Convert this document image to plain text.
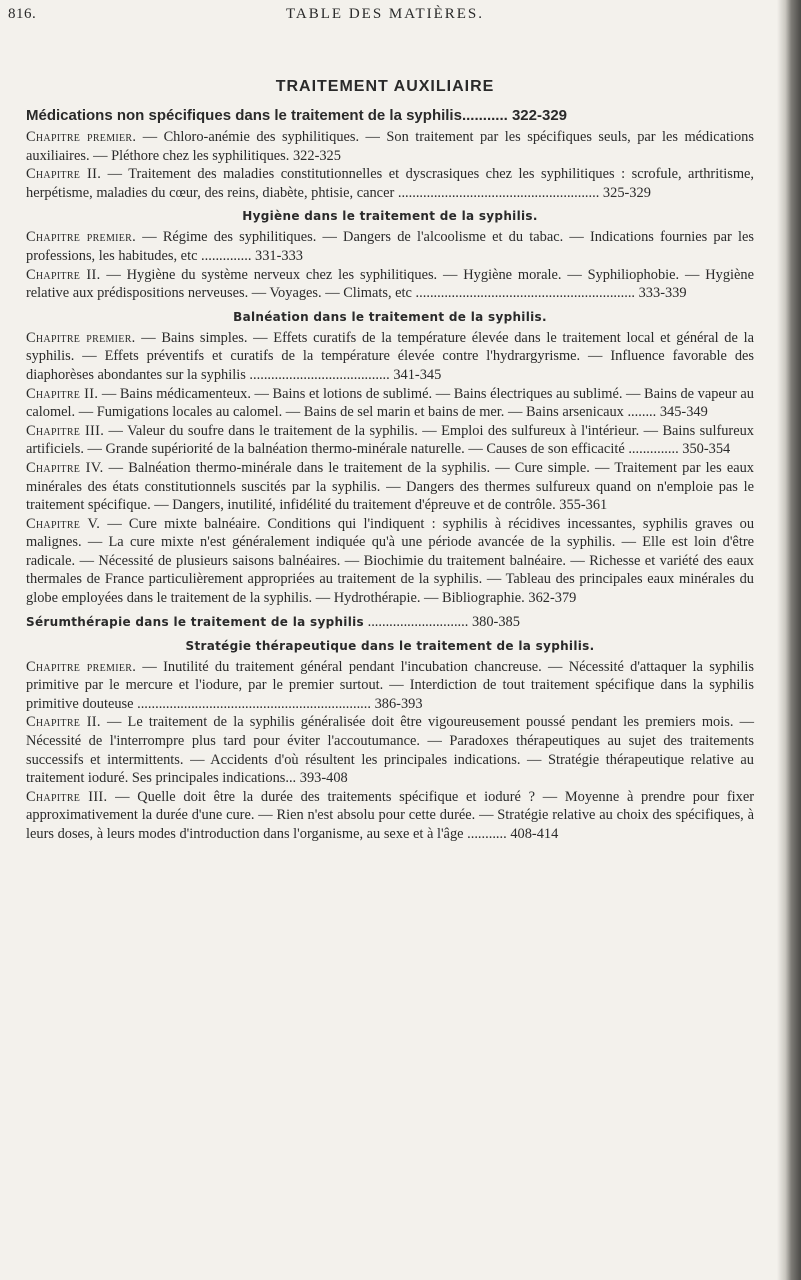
816.	TABLE DES MATIÈRES.
TRAITEMENT AUXILIAIRE

Médications non spécifiques dans le traitement de la syphilis........... 322-329

Chapitre premier. — Chloro-anémie des syphilitiques. — Son traitement par les spécifiques seuls, par les médications auxiliaires. — Pléthore chez les syphilitiques. 322-325

Chapitre II. — Traitement des maladies constitutionnelles et dyscrasiques chez les syphilitiques : scrofule, arthritisme, herpétisme, maladies du cœur, des reins, diabète, phtisie, cancer ........................................................ 325-329

Hygiène dans le traitement de la syphilis.

Chapitre premier. — Régime des syphilitiques. — Dangers de l'alcoolisme et du tabac. — Indications fournies par les professions, les habitudes, etc .............. 331-333

Chapitre II. — Hygiène du système nerveux chez les syphilitiques. — Hygiène morale. — Syphiliophobie. — Hygiène relative aux prédispositions nerveuses. — Voyages. — Climats, etc ............................................................. 333-339

Balnéation dans le traitement de la syphilis.

Chapitre premier. — Bains simples. — Effets curatifs de la température élevée dans le traitement local et général de la syphilis. — Effets préventifs et curatifs de la température élevée contre l'hydrargyrisme. — Influence favorable des diaphorèses abondantes sur la syphilis ....................................... 341-345

Chapitre II. — Bains médicamenteux. — Bains et lotions de sublimé. — Bains électriques au sublimé. — Bains de vapeur au calomel. — Fumigations locales au calomel. — Bains de sel marin et bains de mer. — Bains arsenicaux ........ 345-349

Chapitre III. — Valeur du soufre dans le traitement de la syphilis. — Emploi des sulfureux à l'intérieur. — Bains sulfureux artificiels. — Grande supériorité de la balnéation thermo-minérale naturelle. — Causes de son efficacité .............. 350-354

Chapitre IV. — Balnéation thermo-minérale dans le traitement de la syphilis. — Cure simple. — Traitement par les eaux minérales des états constitutionnels suscités par la syphilis. — Dangers des thermes sulfureux quand on n'emploie pas le traitement spécifique. — Dangers, inutilité, infidélité du traitement d'épreuve et de contrôle. 355-361

Chapitre V. — Cure mixte balnéaire. Conditions qui l'indiquent : syphilis à récidives incessantes, syphilis graves ou malignes. — La cure mixte n'est généralement indiquée qu'à une période avancée de la syphilis. — Elle est loin d'être radicale. — Nécessité de plusieurs saisons balnéaires. — Biochimie du traitement balnéaire. — Richesse et variété des eaux thermales de France particulièrement appropriées au traitement de la syphilis. — Tableau des principales eaux minérales du globe employées dans le traitement de la syphilis. — Hydrothérapie. — Bibliographie. 362-379

Sérumthérapie dans le traitement de la syphilis ............................ 380-385

Stratégie thérapeutique dans le traitement de la syphilis.

Chapitre premier. — Inutilité du traitement général pendant l'incubation chancreuse. — Nécessité d'attaquer la syphilis primitive par le mercure et l'iodure, par le premier surtout. — Interdiction de tout traitement spécifique dans la syphilis primitive douteuse ................................................................. 386-393

Chapitre II. — Le traitement de la syphilis généralisée doit être vigoureusement poussé pendant les premiers mois. — Nécessité de l'interrompre plus tard pour éviter l'accoutumance. — Paradoxes thérapeutiques au sujet des traitements successifs et intermittents. — Accidents d'où résultent les principales indications. — Stratégie thérapeutique relative au traitement ioduré. Ses principales indications... 393-408

Chapitre III. — Quelle doit être la durée des traitements spécifique et ioduré ? — Moyenne à prendre pour fixer approximativement la durée d'une cure. — Rien n'est absolu pour cette durée. — Stratégie relative au choix des spécifiques, à leurs doses, à leurs modes d'introduction dans l'organisme, au sexe et à l'âge ........... 408-414
